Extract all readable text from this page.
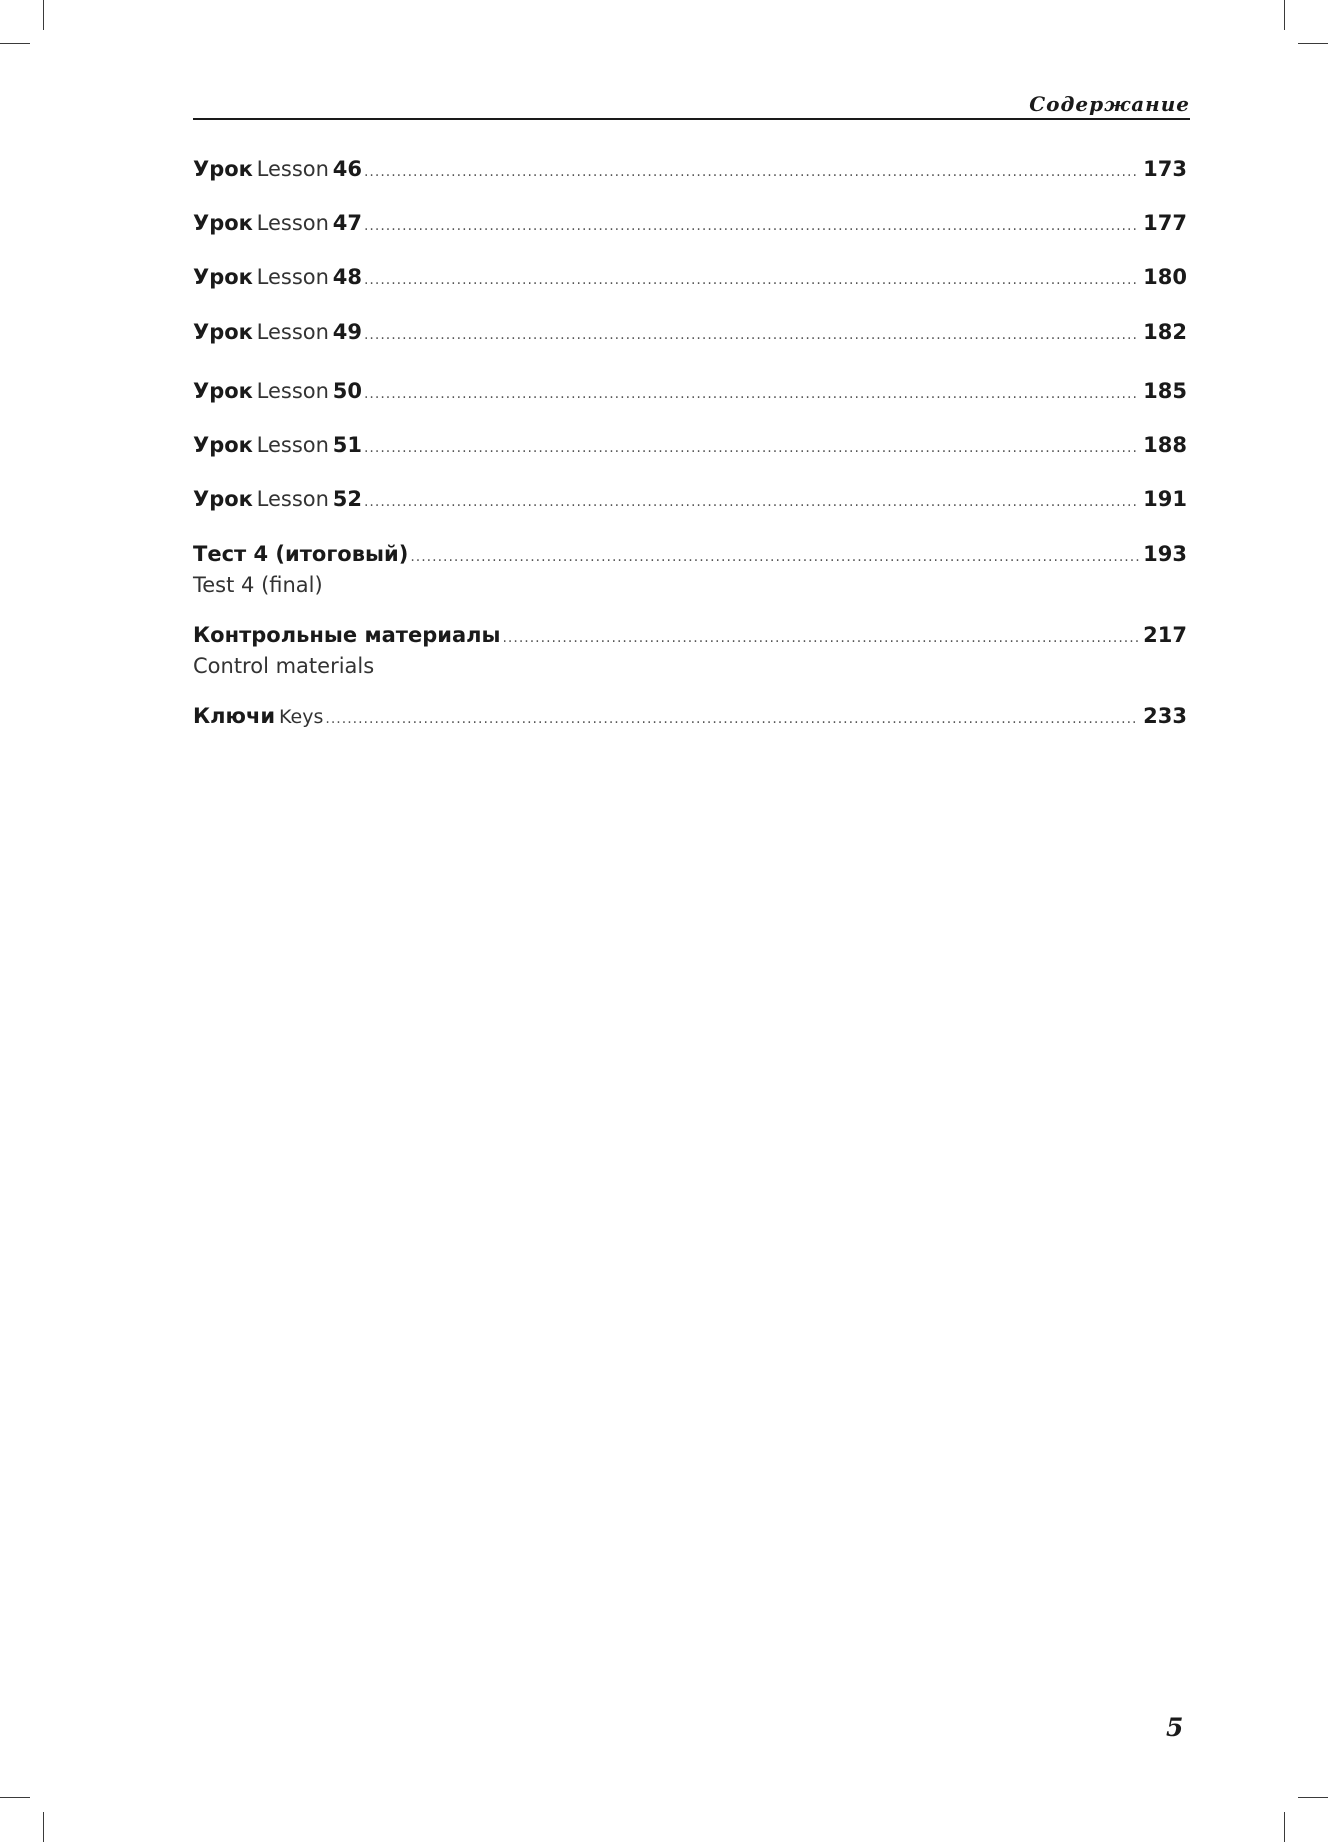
Содержание
Урок Lesson 46 .....	173
Урок Lesson 47 .....	177
Урок Lesson 48 .....	180
Урок Lesson 49 .....	182
Урок Lesson 50 .....	185
Урок Lesson 51 .....	188
Урок Lesson 52 .....	191
Тест 4 (итоговый) .....	193
Test 4 (final)
Контрольные материалы .....	217
Control materials
Ключи Keys .....	233
5
